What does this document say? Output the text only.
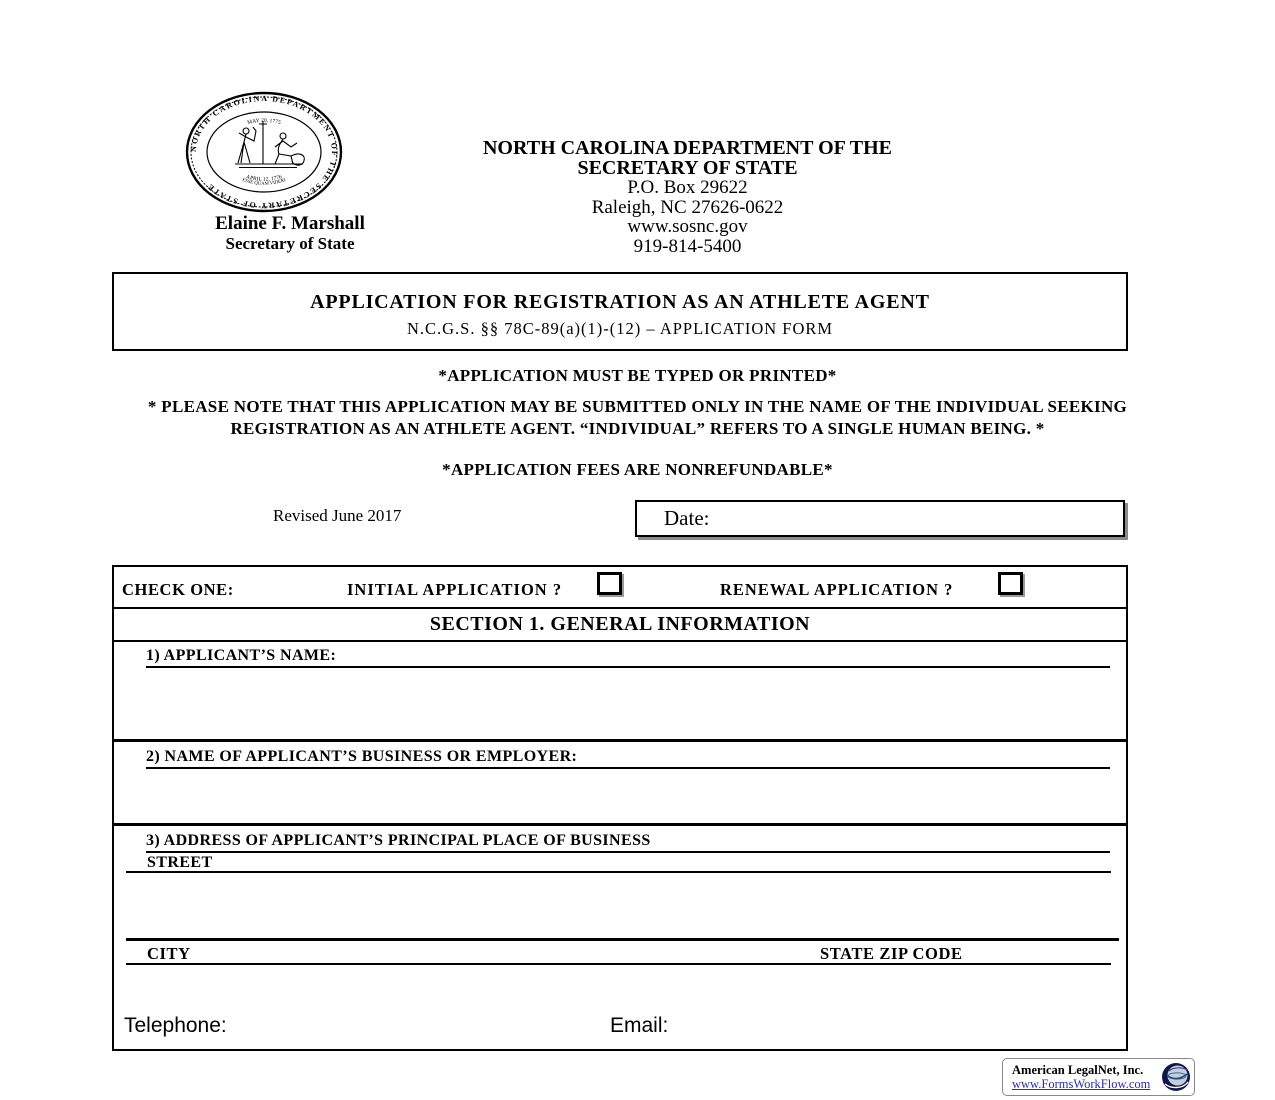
NORTH CAROLINA DEPARTMENT OF THE SECRETARY OF STATE
MAY 20, 1775
APRIL 12, 1776
ESSE QUAM VIDERI
Elaine F. Marshall
Secretary of State
NORTH CAROLINA DEPARTMENT OF THE
SECRETARY OF STATE
P.O. Box 29622
Raleigh, NC 27626-0622
www.sosnc.gov
919-814-5400
APPLICATION FOR REGISTRATION AS AN ATHLETE AGENT
N.C.G.S. §§ 78C-89(a)(1)-(12) – APPLICATION FORM
*APPLICATION MUST BE TYPED OR PRINTED*
* PLEASE NOTE THAT THIS APPLICATION MAY BE SUBMITTED ONLY IN THE NAME OF THE INDIVIDUAL SEEKING REGISTRATION AS AN ATHLETE AGENT. “INDIVIDUAL” REFERS TO A SINGLE HUMAN BEING. *
*APPLICATION FEES ARE NONREFUNDABLE*
Revised June 2017	Date:
CHECK ONE:	INITIAL APPLICATION ?	RENEWAL APPLICATION ?
SECTION 1. GENERAL INFORMATION
1) APPLICANT’S NAME:
2) NAME OF APPLICANT’S BUSINESS OR EMPLOYER:
3) ADDRESS OF APPLICANT’S PRINCIPAL PLACE OF BUSINESS
STREET
CITY	STATE ZIP CODE
Telephone:	Email:
American LegalNet, Inc.
www.FormsWorkFlow.com
